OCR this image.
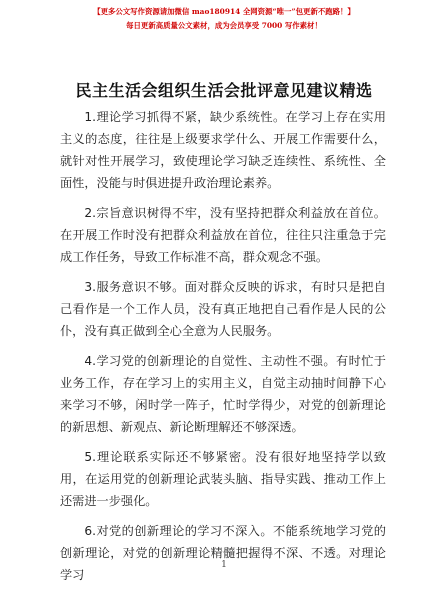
【更多公文写作资源请加微信 mao180914 全网资源“唯一”包更新不跑路！】
每日更新高质量公文素材，成为会员享受 7000 写作素材！
民主生活会组织生活会批评意见建议精选

1.理论学习抓得不紧，缺少系统性。在学习上存在实用主义的态度，往往是上级要求学什么、开展工作需要什么，就针对性开展学习，致使理论学习缺乏连续性、系统性、全面性，没能与时俱进提升政治理论素养。

2.宗旨意识树得不牢，没有坚持把群众利益放在首位。在开展工作时没有把群众利益放在首位，往往只注重急于完成工作任务，导致工作标准不高，群众观念不强。

3.服务意识不够。面对群众反映的诉求，有时只是把自己看作是一个工作人员，没有真正地把自己看作是人民的公仆，没有真正做到全心全意为人民服务。

4.学习党的创新理论的自觉性、主动性不强。有时忙于业务工作，存在学习上的实用主义，自觉主动抽时间静下心来学习不够，闲时学一阵子，忙时学得少，对党的创新理论的新思想、新观点、新论断理解还不够深透。

5.理论联系实际还不够紧密。没有很好地坚持学以致用，在运用党的创新理论武装头脑、指导实践、推动工作上还需进一步强化。

6.对党的创新理论的学习不深入。不能系统地学习党的创新理论，对党的创新理论精髓把握得不深、不透。对理论学习

1
